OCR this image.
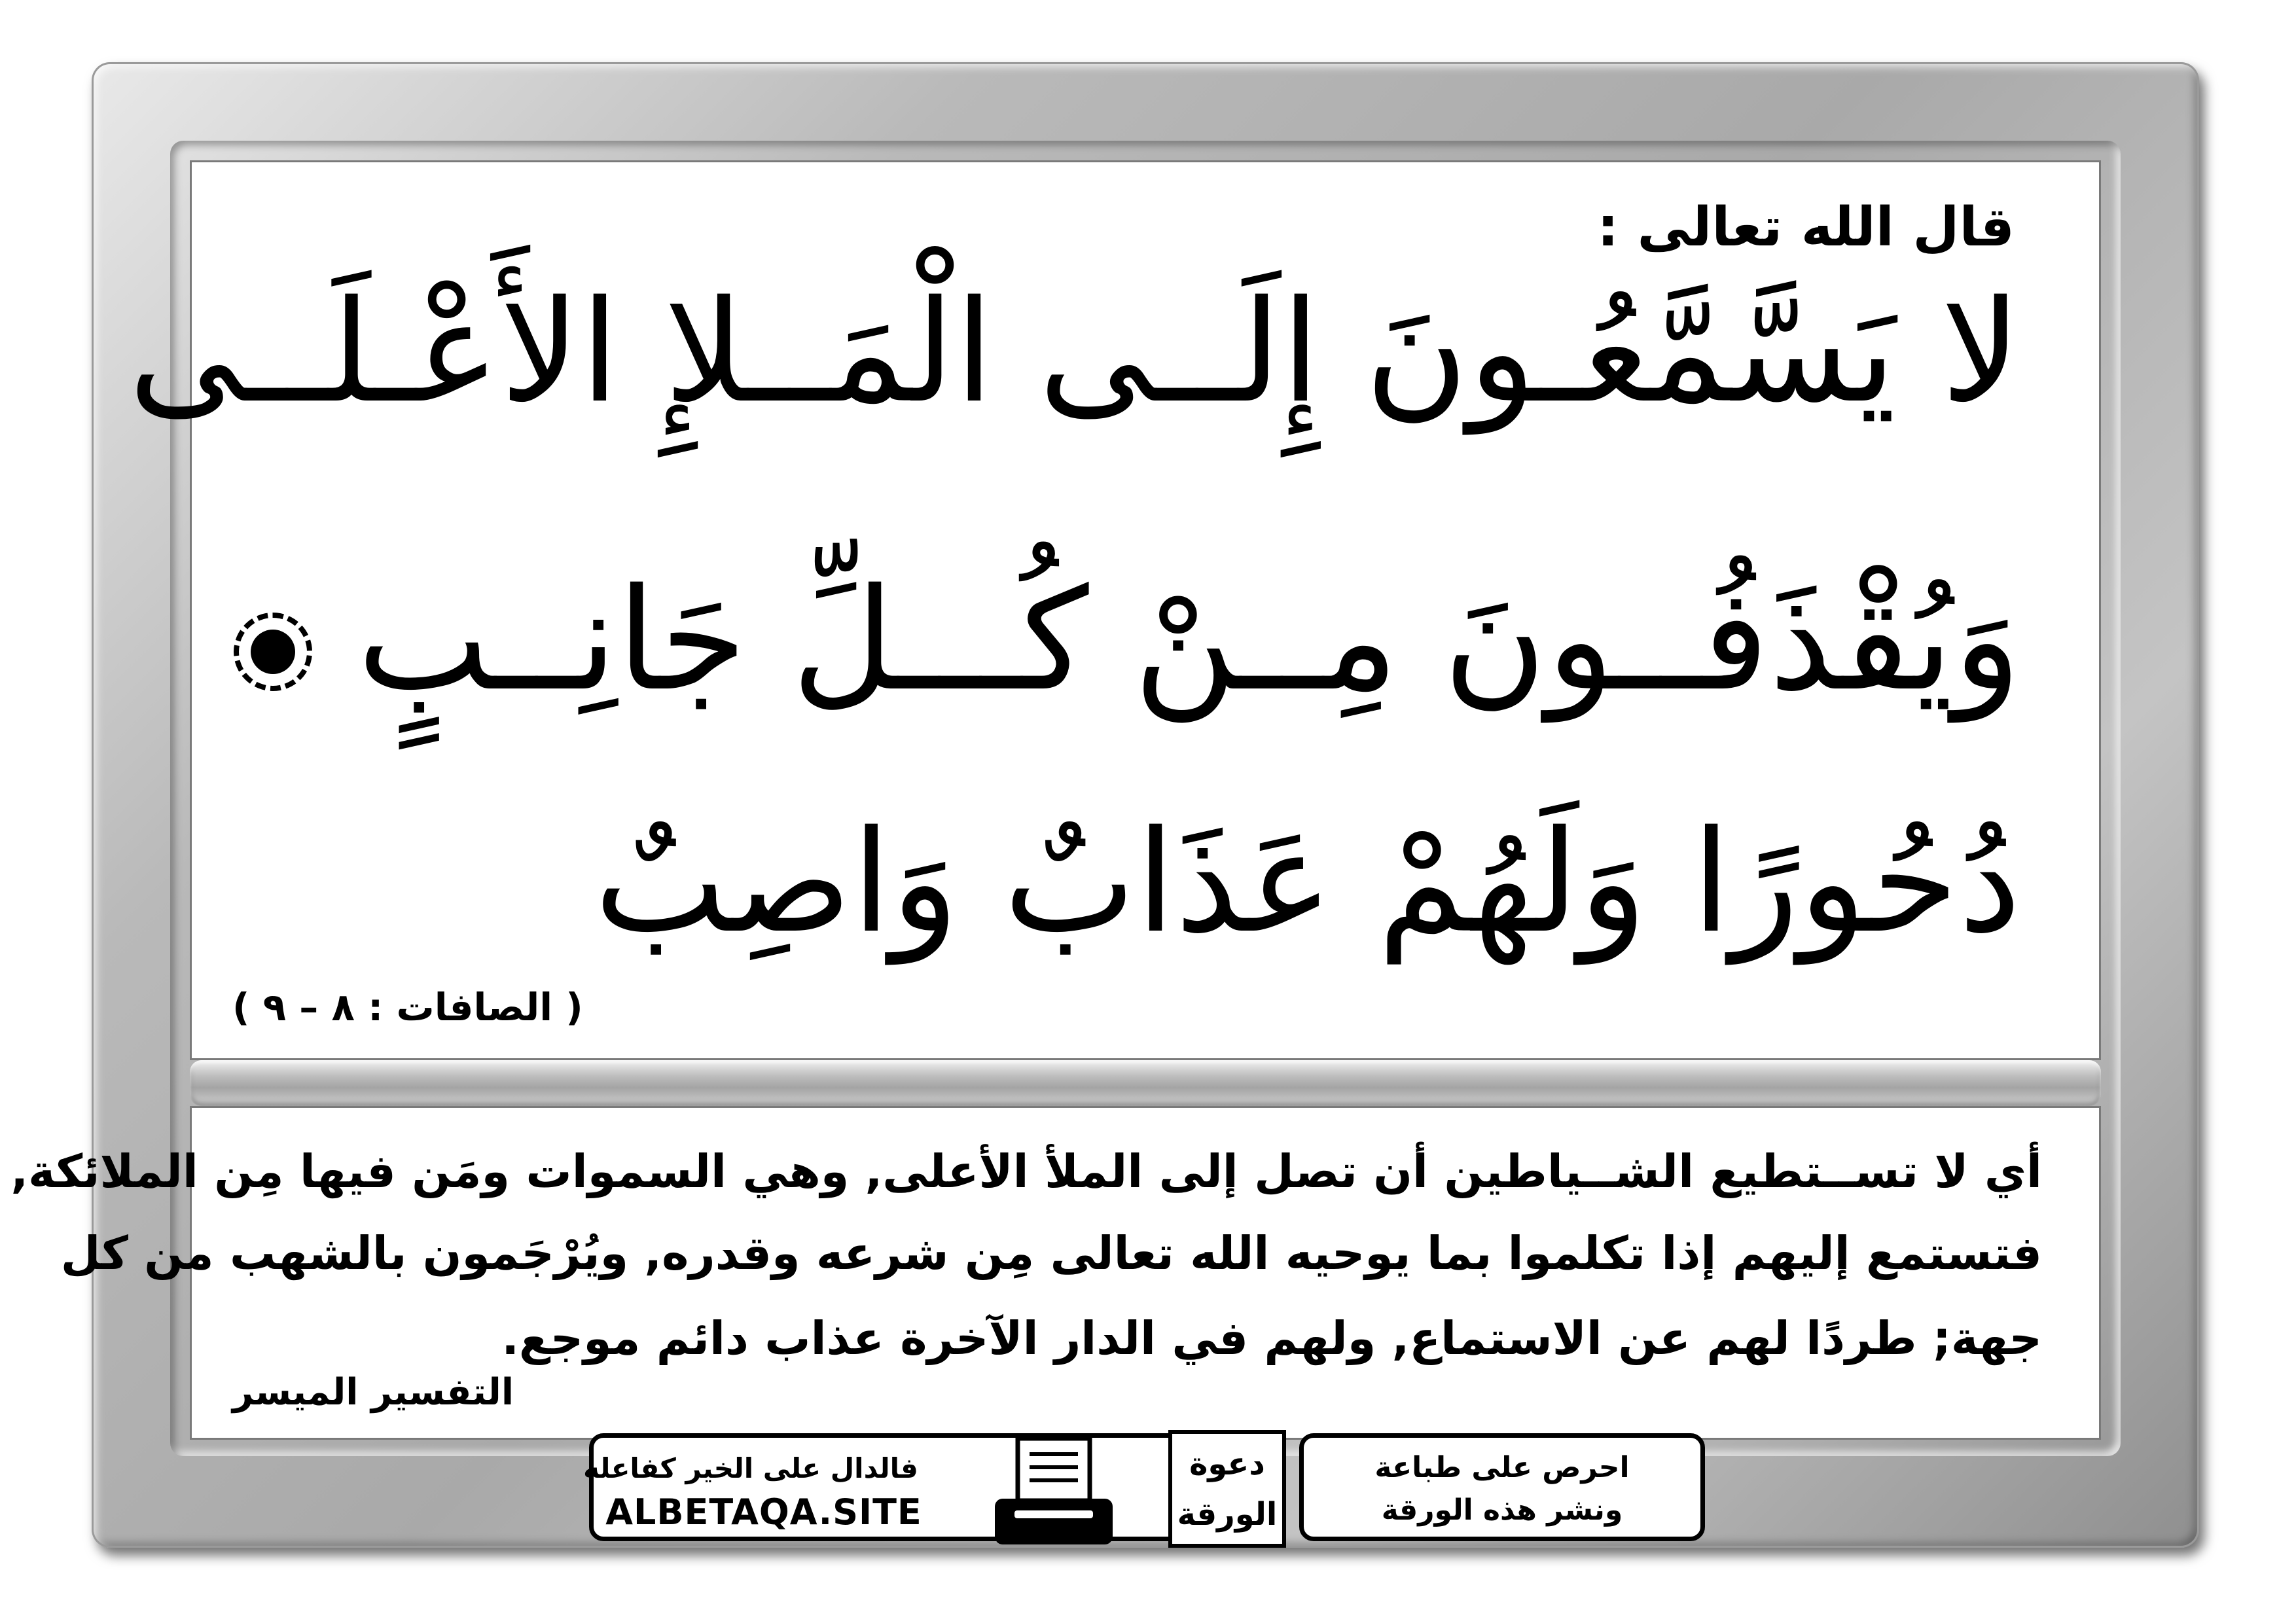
قال الله تعالى :
لا يَسَّمَّعُـونَ إِلَــى الْمَــلإِ الأَعْـلَــى
وَيُقْذَفُــونَ مِــنْ كُـــلِّ جَانِــبٍ
دُحُورًا وَلَهُمْ عَذَابٌ وَاصِبٌ
( الصافات : ٨ – ٩ )
أي لا تســتطيع الشــياطين أن تصل إلى الملأ الأعلى, وهي السموات ومَن فيها مِن الملائكة,
فتستمع إليهم إذا تكلموا بما يوحيه الله تعالى مِن شرعه وقدره, ويُرْجَمون بالشهب من كل
جهة; طردًا لهم عن الاستماع, ولهم في الدار الآخرة عذاب دائم موجع.
التفسير الميسر
فالدال على الخير كفاعله
ALBETAQA.SITE
دعوة
الورقة
احرص على طباعة
ونشر هذه الورقة
